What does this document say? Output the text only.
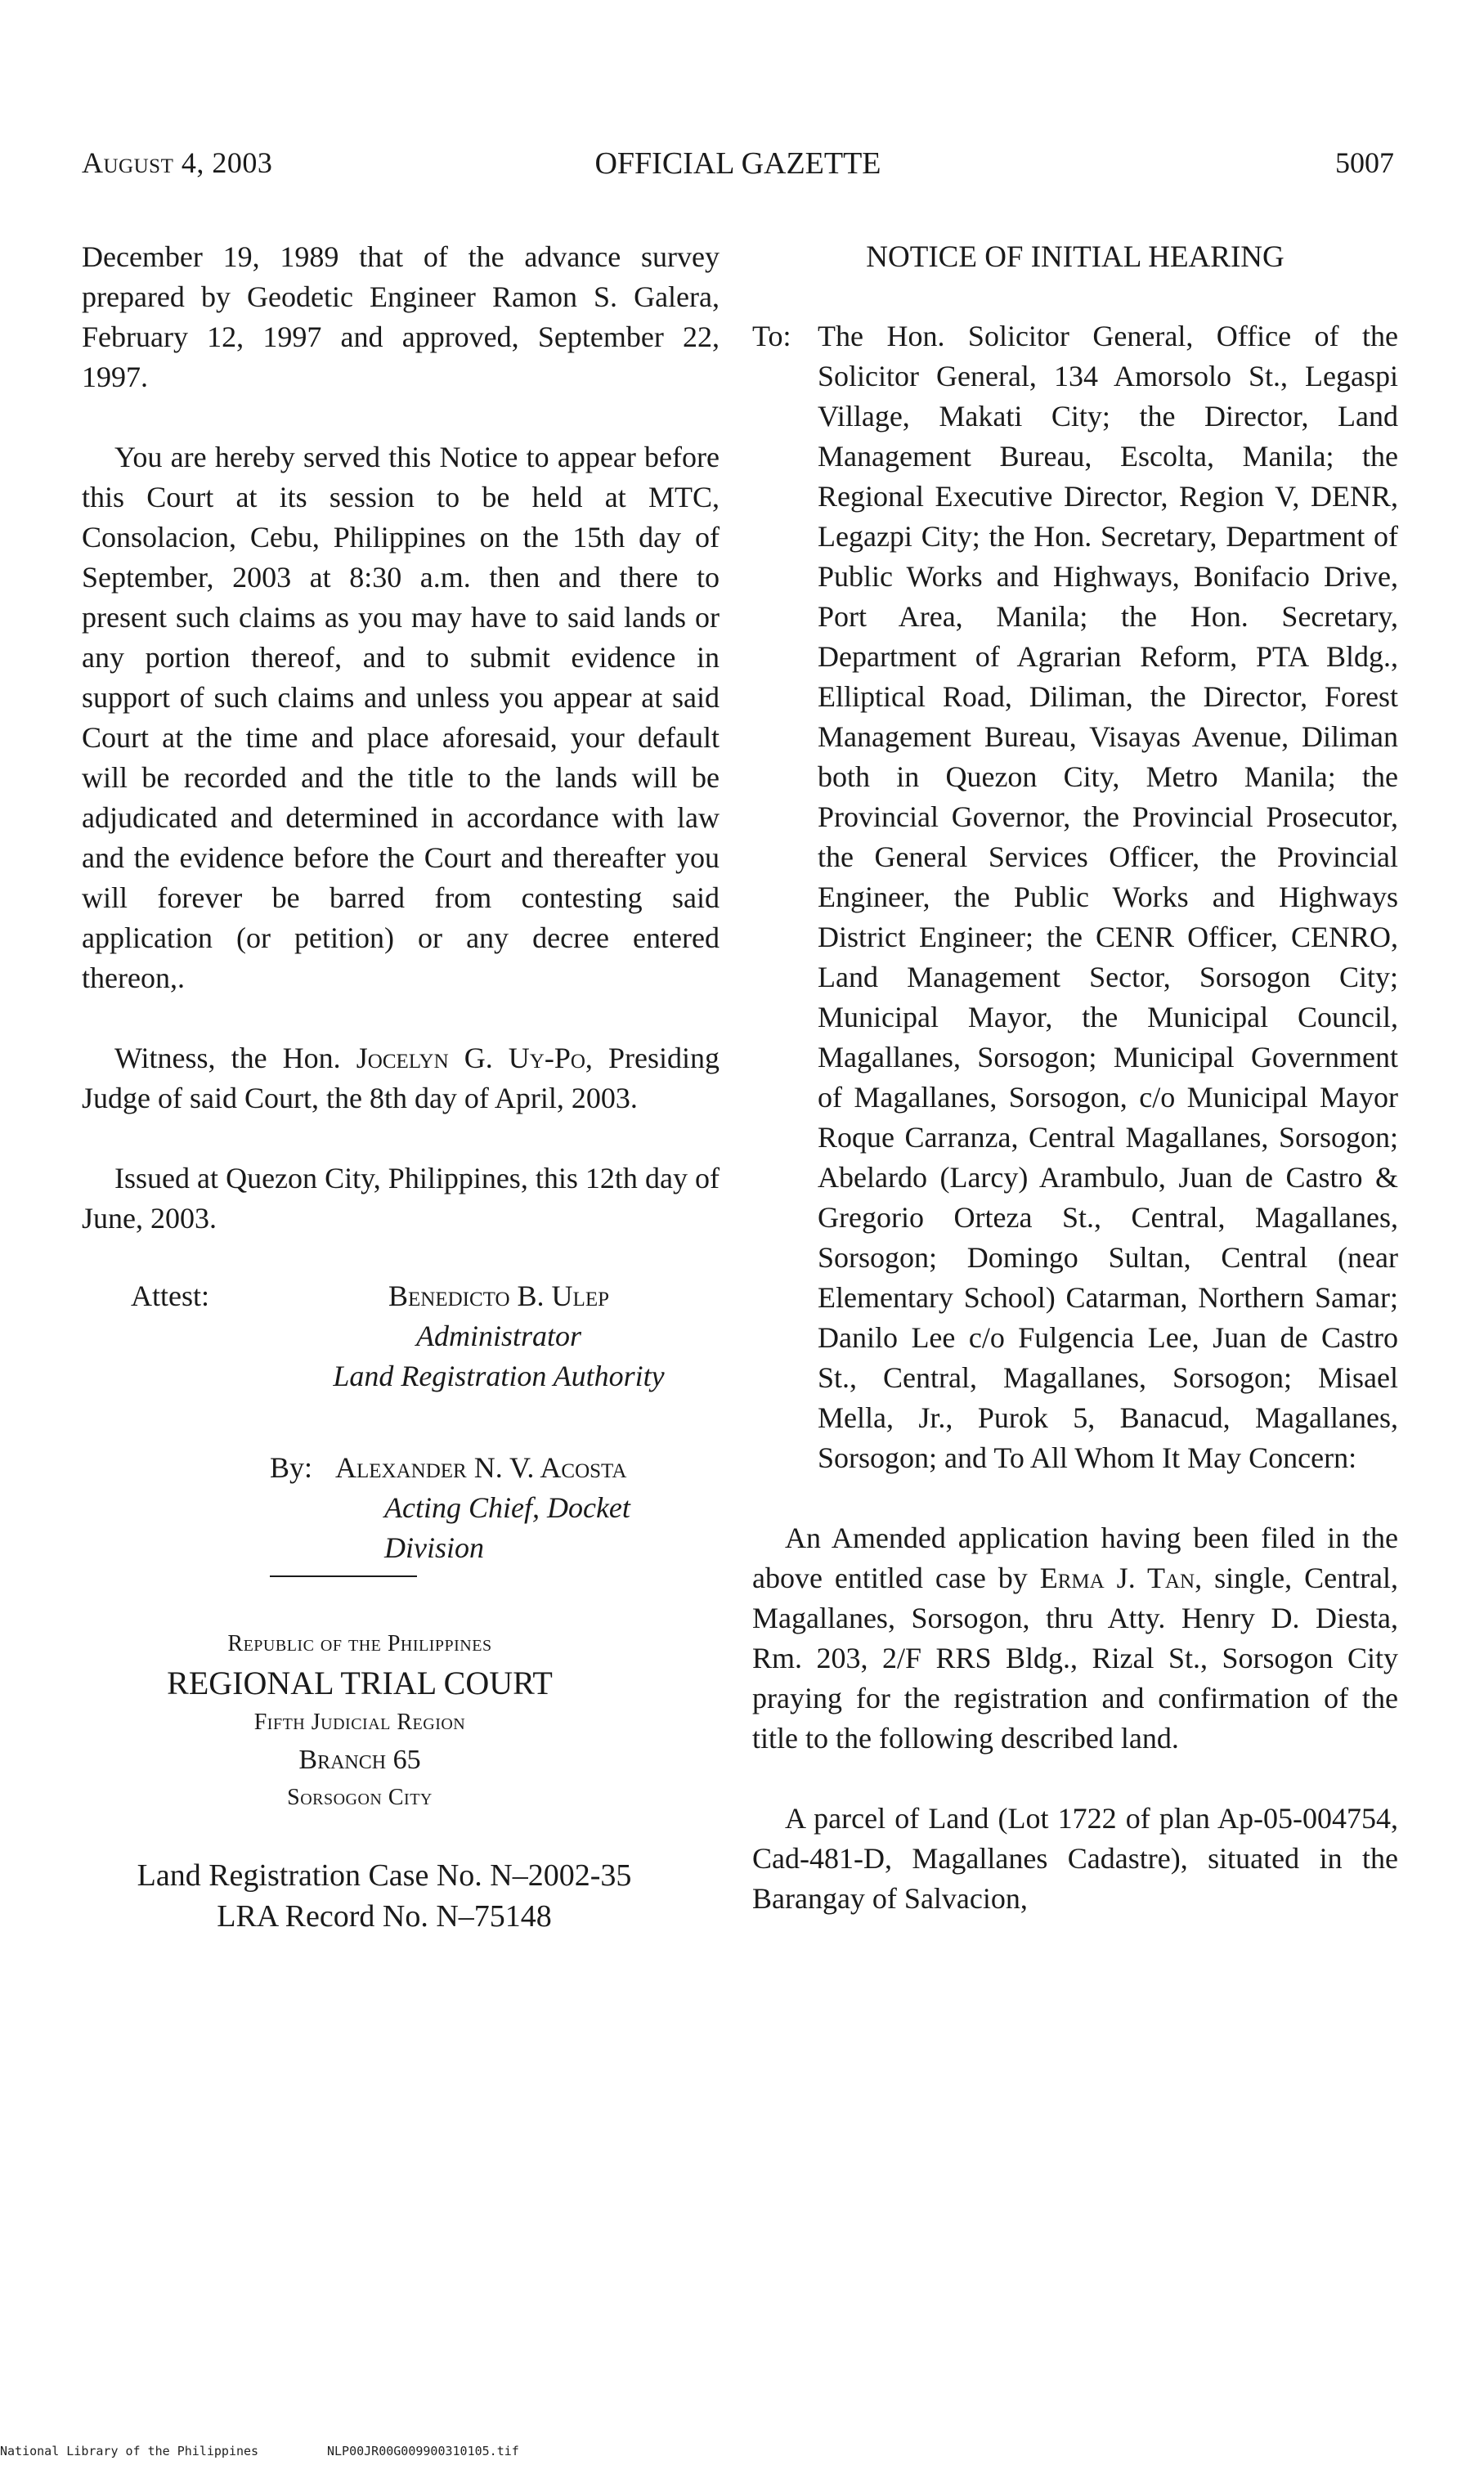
August 4, 2003	OFFICIAL GAZETTE	5007

December 19, 1989 that of the advance survey prepared by Geodetic Engineer Ramon S. Galera, February 12, 1997 and approved, September 22, 1997.

You are hereby served this Notice to appear before this Court at its session to be held at MTC, Consolacion, Cebu, Philippines on the 15th day of September, 2003 at 8:30 a.m. then and there to present such claims as you may have to said lands or any portion thereof, and to submit evidence in support of such claims and unless you appear at said Court at the time and place aforesaid, your default will be recorded and the title to the lands will be adjudicated and determined in accordance with law and the evidence before the Court and thereafter you will forever be barred from contesting said application (or petition) or any decree entered thereon,.

Witness, the Hon. Jocelyn G. Uy-Po, Presiding Judge of said Court, the 8th day of April, 2003.

Issued at Quezon City, Philippines, this 12th day of June, 2003.

Attest:	Benedicto B. Ulep
Administrator
Land Registration Authority
By: Alexander N. V. Acosta
Acting Chief, Docket Division
Republic of the Philippines
REGIONAL TRIAL COURT
Fifth Judicial Region
Branch 65
Sorsogon City
Land Registration Case No. N–2002-35
LRA Record No. N–75148

NOTICE OF INITIAL HEARING

To: The Hon. Solicitor General, Office of the Solicitor General, 134 Amorsolo St., Legaspi Village, Makati City; the Director, Land Management Bureau, Escolta, Manila; the Regional Executive Director, Region V, DENR, Legazpi City; the Hon. Secretary, Department of Public Works and Highways, Bonifacio Drive, Port Area, Manila; the Hon. Secretary, Department of Agrarian Reform, PTA Bldg., Elliptical Road, Diliman, the Director, Forest Management Bureau, Visayas Avenue, Diliman both in Quezon City, Metro Manila; the Provincial Governor, the Provincial Prosecutor, the General Services Officer, the Provincial Engineer, the Public Works and Highways District Engineer; the CENR Officer, CENRO, Land Management Sector, Sorsogon City; Municipal Mayor, the Municipal Council, Magallanes, Sorsogon; Municipal Government of Magallanes, Sorsogon, c/o Municipal Mayor Roque Carranza, Central Magallanes, Sorsogon; Abelardo (Larcy) Arambulo, Juan de Castro & Gregorio Orteza St., Central, Magallanes, Sorsogon; Domingo Sultan, Central (near Elementary School) Catarman, Northern Samar; Danilo Lee c/o Fulgencia Lee, Juan de Castro St., Central, Magallanes, Sorsogon; Misael Mella, Jr., Purok 5, Banacud, Magallanes, Sorsogon; and To All Whom It May Concern:

An Amended application having been filed in the above entitled case by Erma J. Tan, single, Central, Magallanes, Sorsogon, thru Atty. Henry D. Diesta, Rm. 203, 2/F RRS Bldg., Rizal St., Sorsogon City praying for the registration and confirmation of the title to the following described land.

A parcel of Land (Lot 1722 of plan Ap-05-004754, Cad-481-D, Magallanes Cadastre), situated in the Barangay of Salvacion,

National Library of the Philippines	NLP00JR00G009900310105.tif
